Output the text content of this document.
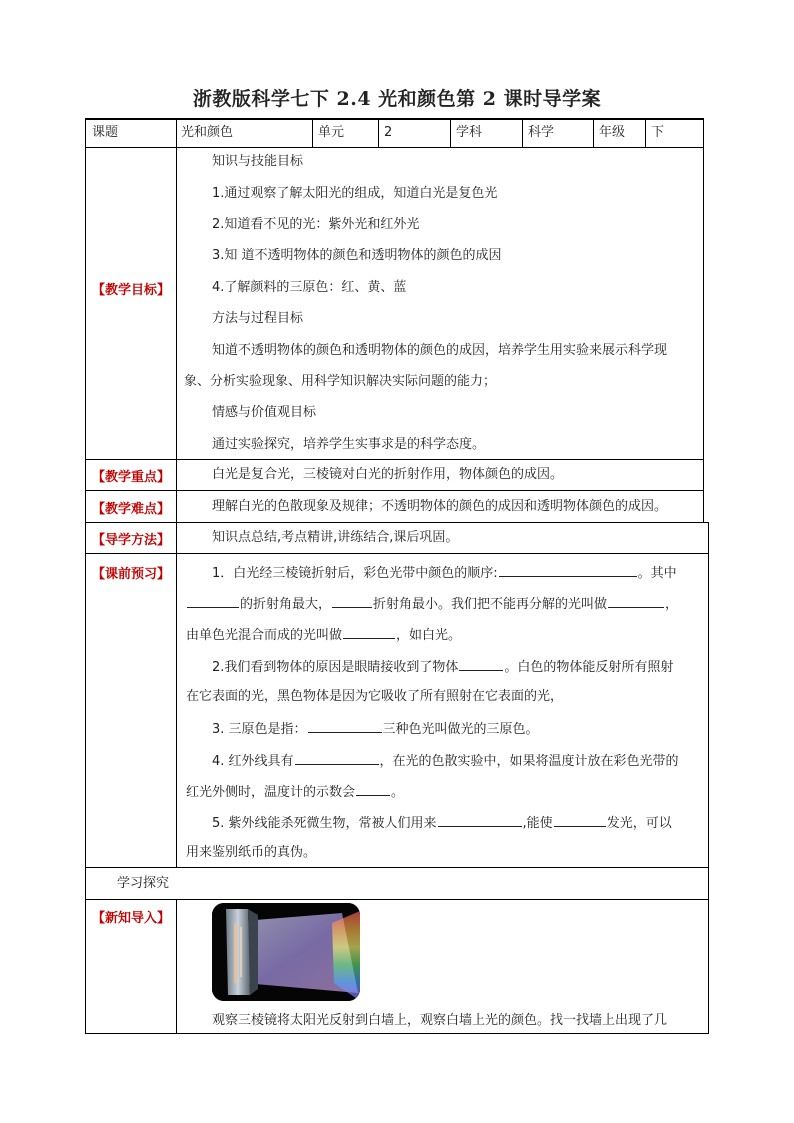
浙教版科学七下 2.4 光和颜色第 2 课时导学案
课题	光和颜色	单元	2	学科	科学	年级 下
【教学目标】
知识与技能目标
1.通过观察了解太阳光的组成，知道白光是复色光
2.知道看不见的光：紫外光和红外光
3.知 道不透明物体的颜色和透明物体的颜色的成因
4.了解颜料的三原色：红、黄、蓝
方法与过程目标
知道不透明物体的颜色和透明物体的颜色的成因，培养学生用实验来展示科学现
象、分析实验现象、用科学知识解决实际问题的能力；
情感与价值观目标
通过实验探究，培养学生实事求是的科学态度。
【教学重点】	白光是复合光，三棱镜对白光的折射作用，物体颜色的成因。
【教学难点】	理解白光的色散现象及规律；不透明物体的颜色的成因和透明物体颜色的成因。
【导学方法】	知识点总结,考点精讲,讲练结合,课后巩固。
【课前预习】	1．白光经三棱镜折射后，彩色光带中颜色的顺序:	。其中
的折射角最大，	折射角最小。我们把不能再分解的光叫做	，
由单色光混合而成的光叫做	，如白光。
2.我们看到物体的原因是眼睛接收到了物体	。白色的物体能反射所有照射
在它表面的光，黑色物体是因为它吸收了所有照射在它表面的光，
3. 三原色是指：	三种色光叫做光的三原色。
4. 红外线具有	，在光的色散实验中，如果将温度计放在彩色光带的
红光外侧时，温度计的示数会	。
5. 紫外线能杀死微生物，常被人们用来	,能使	发光，可以
用来鉴别纸币的真伪。
学习探究
【新知导入】
观察三棱镜将太阳光反射到白墙上，观察白墙上光的颜色。找一找墙上出现了几
